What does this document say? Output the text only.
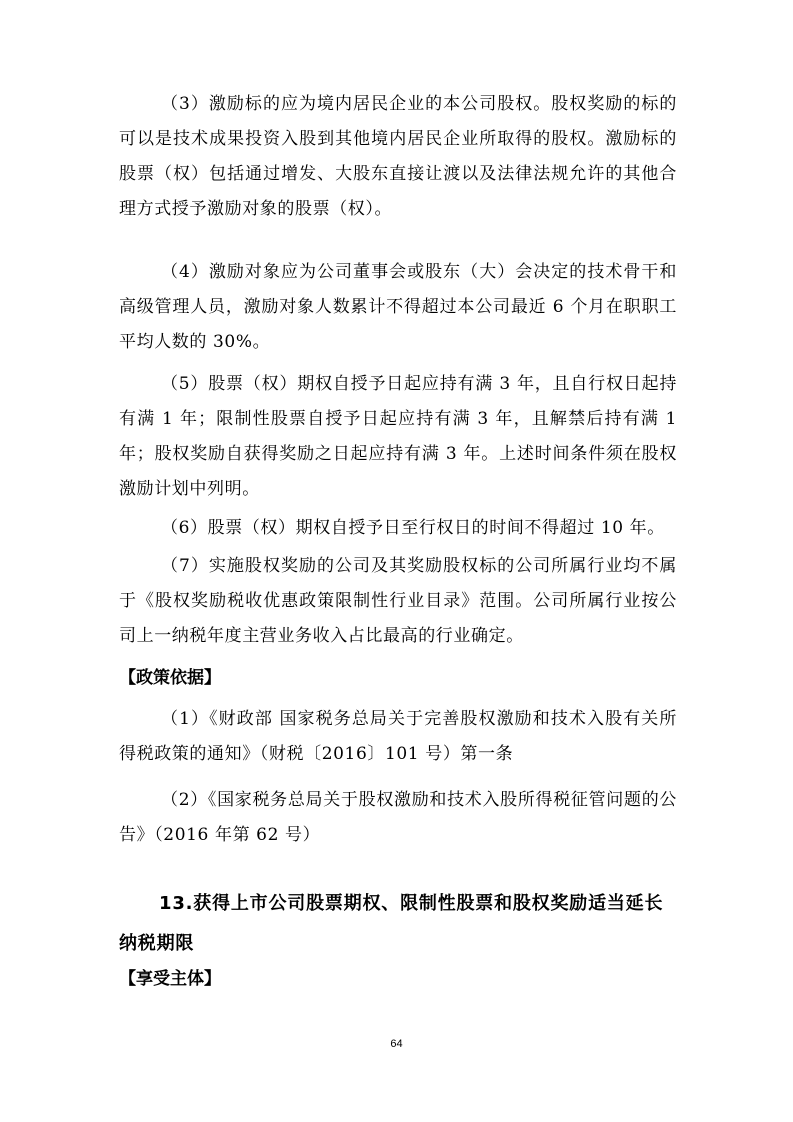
（3）激励标的应为境内居民企业的本公司股权。股权奖励的标的可以是技术成果投资入股到其他境内居民企业所取得的股权。激励标的股票（权）包括通过增发、大股东直接让渡以及法律法规允许的其他合理方式授予激励对象的股票（权）。

（4）激励对象应为公司董事会或股东（大）会决定的技术骨干和高级管理人员，激励对象人数累计不得超过本公司最近 6 个月在职职工平均人数的 30%。

（5）股票（权）期权自授予日起应持有满 3 年，且自行权日起持有满 1 年；限制性股票自授予日起应持有满 3 年，且解禁后持有满 1 年；股权奖励自获得奖励之日起应持有满 3 年。上述时间条件须在股权激励计划中列明。

（6）股票（权）期权自授予日至行权日的时间不得超过 10 年。

（7）实施股权奖励的公司及其奖励股权标的公司所属行业均不属于《股权奖励税收优惠政策限制性行业目录》范围。公司所属行业按公司上一纳税年度主营业务收入占比最高的行业确定。

【政策依据】

（1）《财政部 国家税务总局关于完善股权激励和技术入股有关所得税政策的通知》（财税〔2016〕101 号）第一条

（2）《国家税务总局关于股权激励和技术入股所得税征管问题的公告》（2016 年第 62 号）

13.获得上市公司股票期权、限制性股票和股权奖励适当延长纳税期限
【享受主体】
64
